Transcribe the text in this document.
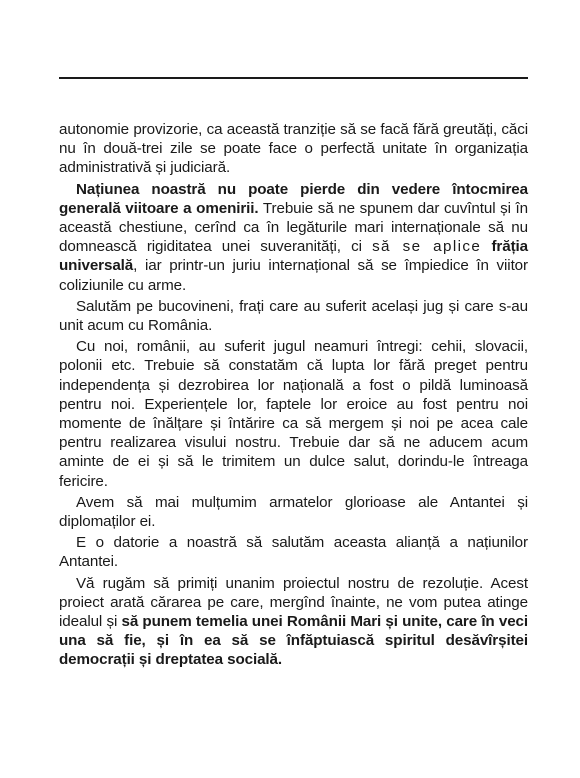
autonomie provizorie, ca această tranziție să se facă fără greutăți, căci nu în două-trei zile se poate face o perfectă unitate în organizația administrativă și judiciară.

Națiunea noastră nu poate pierde din vedere întocmirea generală viitoare a omenirii. Trebuie să ne spunem dar cuvîntul și în această chestiune, cerînd ca în legăturile mari internaționale să nu domnească rigiditatea unei suveranități, ci să se aplice frăția universală, iar printr-un juriu internațional să se împiedice în viitor coliziunile cu arme.

Salutăm pe bucovineni, frați care au suferit același jug și care s-au unit acum cu România.

Cu noi, românii, au suferit jugul neamuri întregi: cehii, slovacii, polonii etc. Trebuie să constatăm că lupta lor fără preget pentru independența și dezrobirea lor națională a fost o pildă luminoasă pentru noi. Experiențele lor, faptele lor eroice au fost pentru noi momente de înălțare și întărire ca să mergem și noi pe acea cale pentru realizarea visului nostru. Trebuie dar să ne aducem acum aminte de ei și să le trimitem un dulce salut, dorindu-le întreaga fericire.

Avem să mai mulțumim armatelor glorioase ale Antantei și diplomaților ei.

E o datorie a noastră să salutăm aceasta alianță a națiunilor Antantei.

Vă rugăm să primiți unanim proiectul nostru de rezoluție. Acest proiect arată cărarea pe care, mergînd înainte, ne vom putea atinge idealul și să punem temelia unei Românii Mari și unite, care în veci una să fie, și în ea să se înfăptuiască spiritul desăvîrșitei democrații și dreptatea socială.
